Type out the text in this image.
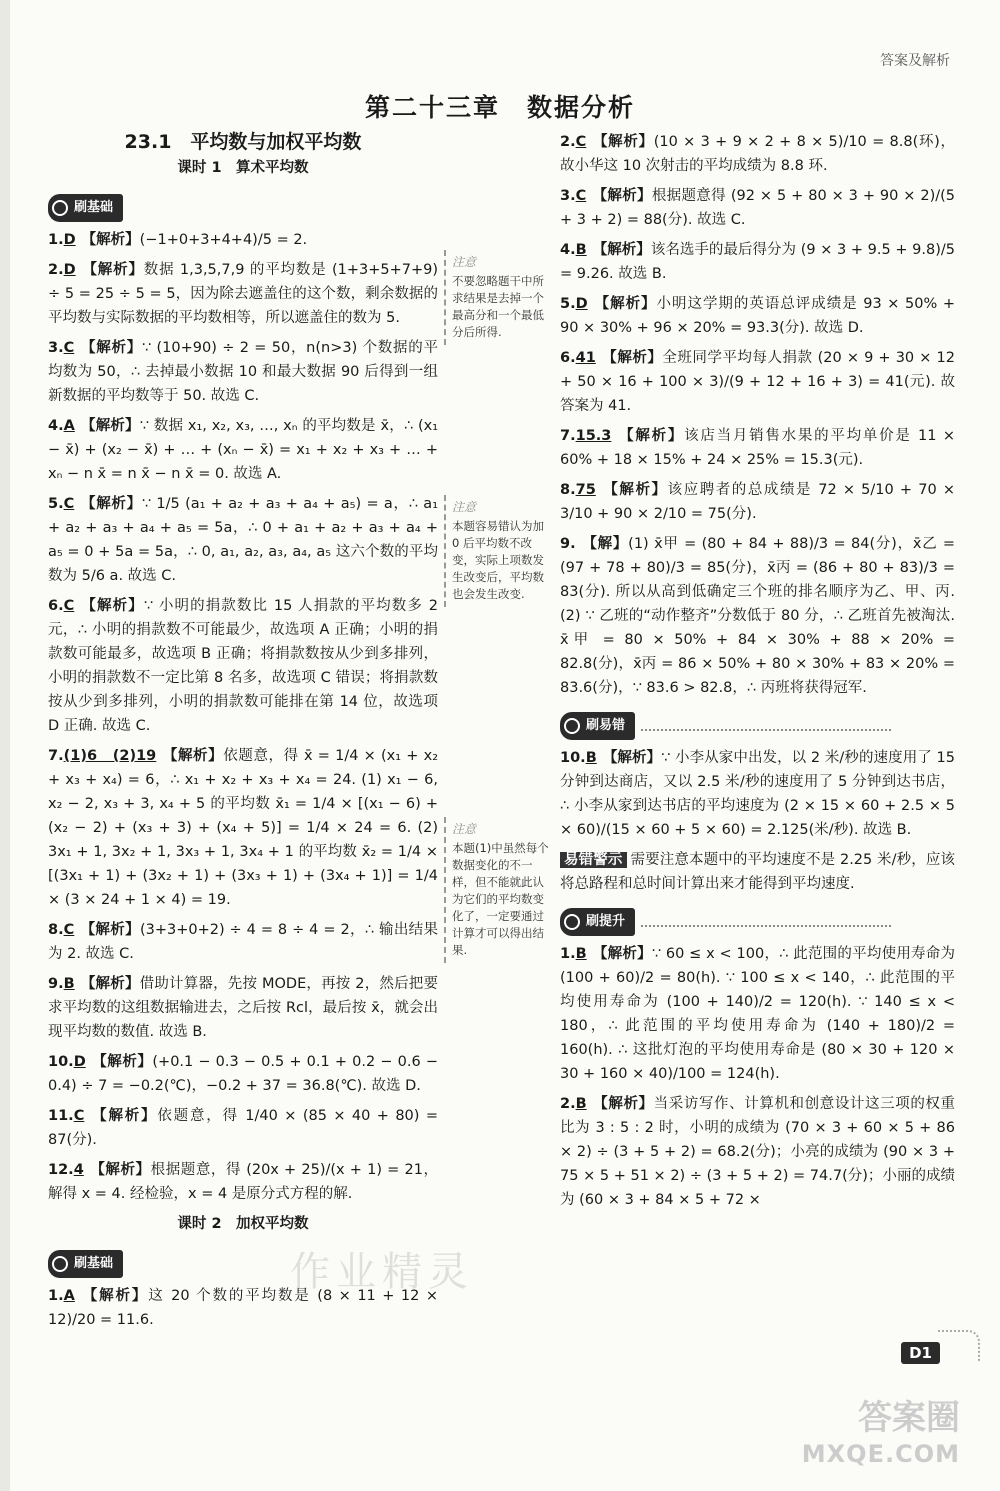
答案及解析
第二十三章　数据分析
23.1　平均数与加权平均数
课时 1　算术平均数
刷基础
1.D 【解析】(−1+0+3+4+4)/5 = 2.
2.D 【解析】数据 1,3,5,7,9 的平均数是 (1+3+5+7+9) ÷ 5 = 25 ÷ 5 = 5，因为除去遮盖住的这个数，剩余数据的平均数与实际数据的平均数相等，所以遮盖住的数为 5.
3.C 【解析】∵ (10+90) ÷ 2 = 50，n(n>3) 个数据的平均数为 50，∴ 去掉最小数据 10 和最大数据 90 后得到一组新数据的平均数等于 50. 故选 C.
4.A 【解析】∵ 数据 x₁, x₂, x₃, …, xₙ 的平均数是 x̄，∴ (x₁ − x̄) + (x₂ − x̄) + … + (xₙ − x̄) = x₁ + x₂ + x₃ + … + xₙ − n x̄ = n x̄ − n x̄ = 0. 故选 A.
5.C 【解析】∵ 1/5 (a₁ + a₂ + a₃ + a₄ + a₅) = a，∴ a₁ + a₂ + a₃ + a₄ + a₅ = 5a，∴ 0 + a₁ + a₂ + a₃ + a₄ + a₅ = 0 + 5a = 5a，∴ 0, a₁, a₂, a₃, a₄, a₅ 这六个数的平均数为 5/6 a. 故选 C.
6.C 【解析】∵ 小明的捐款数比 15 人捐款的平均数多 2 元，∴ 小明的捐款数不可能最少，故选项 A 正确；小明的捐款数可能最多，故选项 B 正确；将捐款数按从少到多排列，小明的捐款数不一定比第 8 名多，故选项 C 错误；将捐款数按从少到多排列，小明的捐款数可能排在第 14 位，故选项 D 正确. 故选 C.
7.(1)6　(2)19 【解析】依题意，得 x̄ = 1/4 × (x₁ + x₂ + x₃ + x₄) = 6，∴ x₁ + x₂ + x₃ + x₄ = 24. (1) x₁ − 6, x₂ − 2, x₃ + 3, x₄ + 5 的平均数 x̄₁ = 1/4 × [(x₁ − 6) + (x₂ − 2) + (x₃ + 3) + (x₄ + 5)] = 1/4 × 24 = 6. (2) 3x₁ + 1, 3x₂ + 1, 3x₃ + 1, 3x₄ + 1 的平均数 x̄₂ = 1/4 × [(3x₁ + 1) + (3x₂ + 1) + (3x₃ + 1) + (3x₄ + 1)] = 1/4 × (3 × 24 + 1 × 4) = 19.
8.C 【解析】(3+3+0+2) ÷ 4 = 8 ÷ 4 = 2，∴ 输出结果为 2. 故选 C.
9.B 【解析】借助计算器，先按 MODE，再按 2，然后把要求平均数的这组数据输进去，之后按 Rcl，最后按 x̄，就会出现平均数的数值. 故选 B.
10.D 【解析】(+0.1 − 0.3 − 0.5 + 0.1 + 0.2 − 0.6 − 0.4) ÷ 7 = −0.2(℃)，−0.2 + 37 = 36.8(℃). 故选 D.
11.C 【解析】依题意，得 1/40 × (85 × 40 + 80) = 87(分).
12.4 【解析】根据题意，得 (20x + 25)/(x + 1) = 21，解得 x = 4. 经检验，x = 4 是原分式方程的解.
课时 2　加权平均数
刷基础
1.A 【解析】这 20 个数的平均数是 (8 × 11 + 12 × 12)/20 = 11.6.
注意
不要忽略题干中所求结果是去掉一个最高分和一个最低分后所得.
注意
本题容易错认为加 0 后平均数不改变，实际上项数发生改变后，平均数也会发生改变.
注意
本题(1)中虽然每个数据变化的不一样，但不能就此认为它们的平均数变化了，一定要通过计算才可以得出结果.
2.C 【解析】(10 × 3 + 9 × 2 + 8 × 5)/10 = 8.8(环)，故小华这 10 次射击的平均成绩为 8.8 环.
3.C 【解析】根据题意得 (92 × 5 + 80 × 3 + 90 × 2)/(5 + 3 + 2) = 88(分). 故选 C.
4.B 【解析】该名选手的最后得分为 (9 × 3 + 9.5 + 9.8)/5 = 9.26. 故选 B.
5.D 【解析】小明这学期的英语总评成绩是 93 × 50% + 90 × 30% + 96 × 20% = 93.3(分). 故选 D.
6.41 【解析】全班同学平均每人捐款 (20 × 9 + 30 × 12 + 50 × 16 + 100 × 3)/(9 + 12 + 16 + 3) = 41(元). 故答案为 41.
7.15.3 【解析】该店当月销售水果的平均单价是 11 × 60% + 18 × 15% + 24 × 25% = 15.3(元).
8.75 【解析】该应聘者的总成绩是 72 × 5/10 + 70 × 3/10 + 90 × 2/10 = 75(分).
9. 【解】(1) x̄甲 = (80 + 84 + 88)/3 = 84(分)，x̄乙 = (97 + 78 + 80)/3 = 85(分)，x̄丙 = (86 + 80 + 83)/3 = 83(分). 所以从高到低确定三个班的排名顺序为乙、甲、丙. (2) ∵ 乙班的“动作整齐”分数低于 80 分，∴ 乙班首先被淘汰. x̄甲 = 80 × 50% + 84 × 30% + 88 × 20% = 82.8(分)，x̄丙 = 86 × 50% + 80 × 30% + 83 × 20% = 83.6(分)，∵ 83.6 > 82.8，∴ 丙班将获得冠军.
刷易错
10.B 【解析】∵ 小李从家中出发，以 2 米/秒的速度用了 15 分钟到达商店，又以 2.5 米/秒的速度用了 5 分钟到达书店，∴ 小李从家到达书店的平均速度为 (2 × 15 × 60 + 2.5 × 5 × 60)/(15 × 60 + 5 × 60) = 2.125(米/秒). 故选 B.
易错警示 需要注意本题中的平均速度不是 2.25 米/秒，应该将总路程和总时间计算出来才能得到平均速度.
刷提升
1.B 【解析】∵ 60 ≤ x < 100，∴ 此范围的平均使用寿命为 (100 + 60)/2 = 80(h). ∵ 100 ≤ x < 140，∴ 此范围的平均使用寿命为 (100 + 140)/2 = 120(h). ∵ 140 ≤ x < 180，∴ 此范围的平均使用寿命为 (140 + 180)/2 = 160(h). ∴ 这批灯泡的平均使用寿命是 (80 × 30 + 120 × 30 + 160 × 40)/100 = 124(h).
2.B 【解析】当采访写作、计算机和创意设计这三项的权重比为 3 : 5 : 2 时，小明的成绩为 (70 × 3 + 60 × 5 + 86 × 2) ÷ (3 + 5 + 2) = 68.2(分)；小亮的成绩为 (90 × 3 + 75 × 5 + 51 × 2) ÷ (3 + 5 + 2) = 74.7(分)；小丽的成绩为 (60 × 3 + 84 × 5 + 72 ×
作业精灵
D1
答案圈
MXQE.COM
